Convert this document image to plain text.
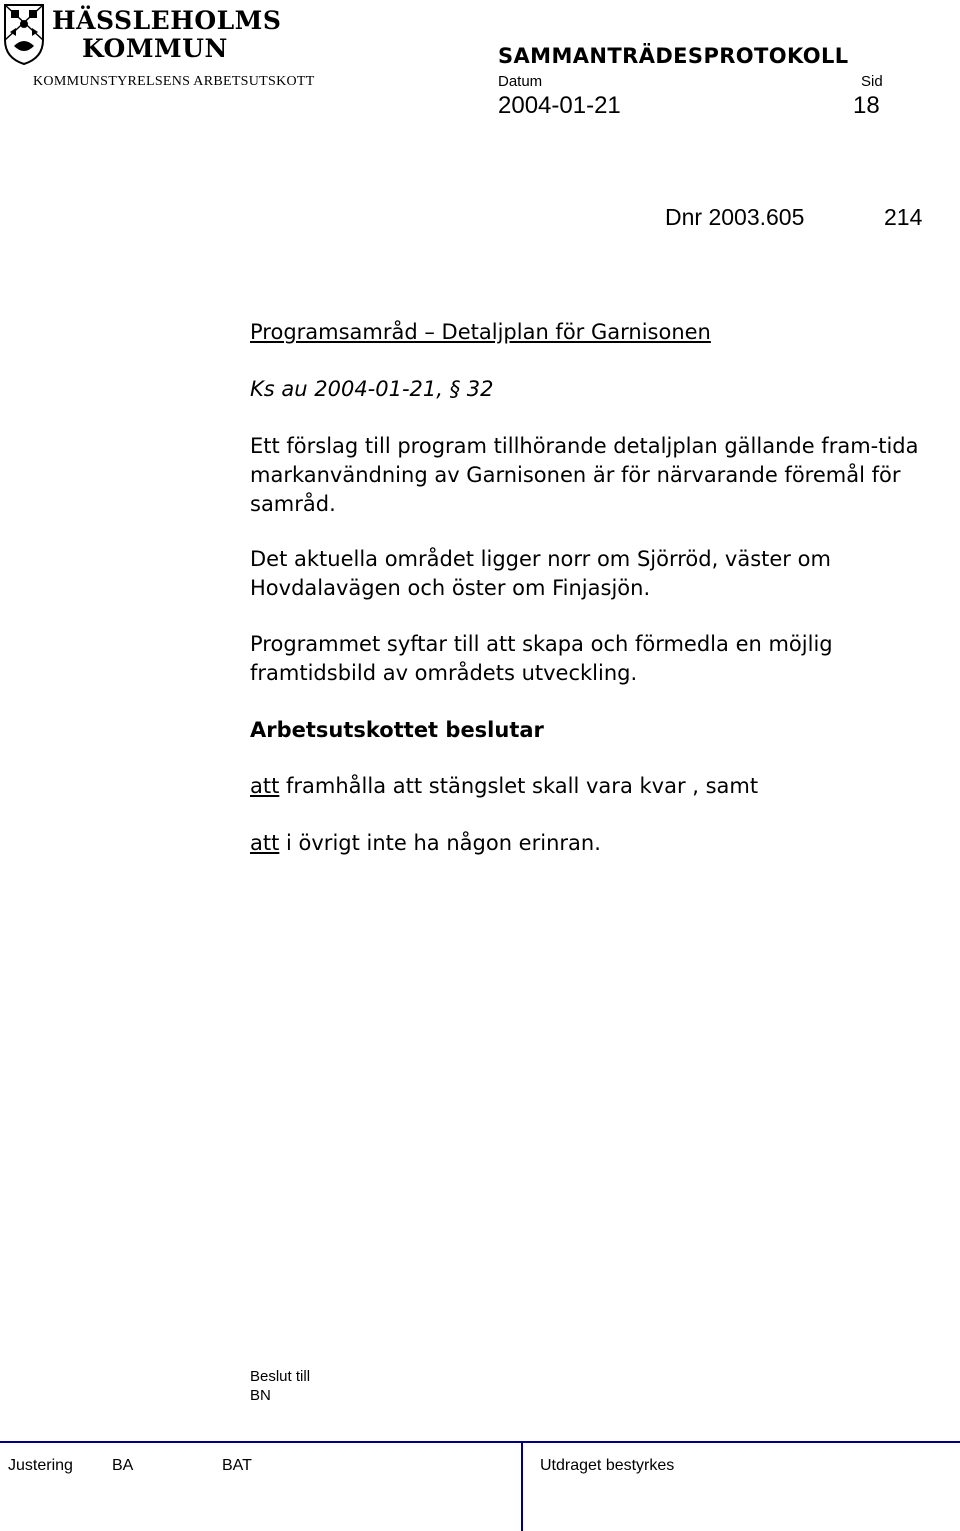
HÄSSLEHOLMS
KOMMUN
KOMMUNSTYRELSENS ARBETSUTSKOTT
SAMMANTRÄDESPROTOKOLL
Datum	Sid
2004-01-21	18
Dnr 2003.605	214
Programsamråd – Detaljplan för Garnisonen
Ks au 2004-01-21, § 32
Ett förslag till program tillhörande detaljplan gällande fram-tida markanvändning av Garnisonen är för närvarande föremål för samråd.
Det aktuella området ligger norr om Sjörröd, väster om Hovdalavägen och öster om Finjasjön.
Programmet syftar till att skapa och förmedla en möjlig framtidsbild av områdets utveckling.
Arbetsutskottet beslutar
att framhålla att stängslet skall vara kvar , samt
att i övrigt inte ha någon erinran.
Beslut till
BN
Justering BA	BAT	Utdraget bestyrkes
